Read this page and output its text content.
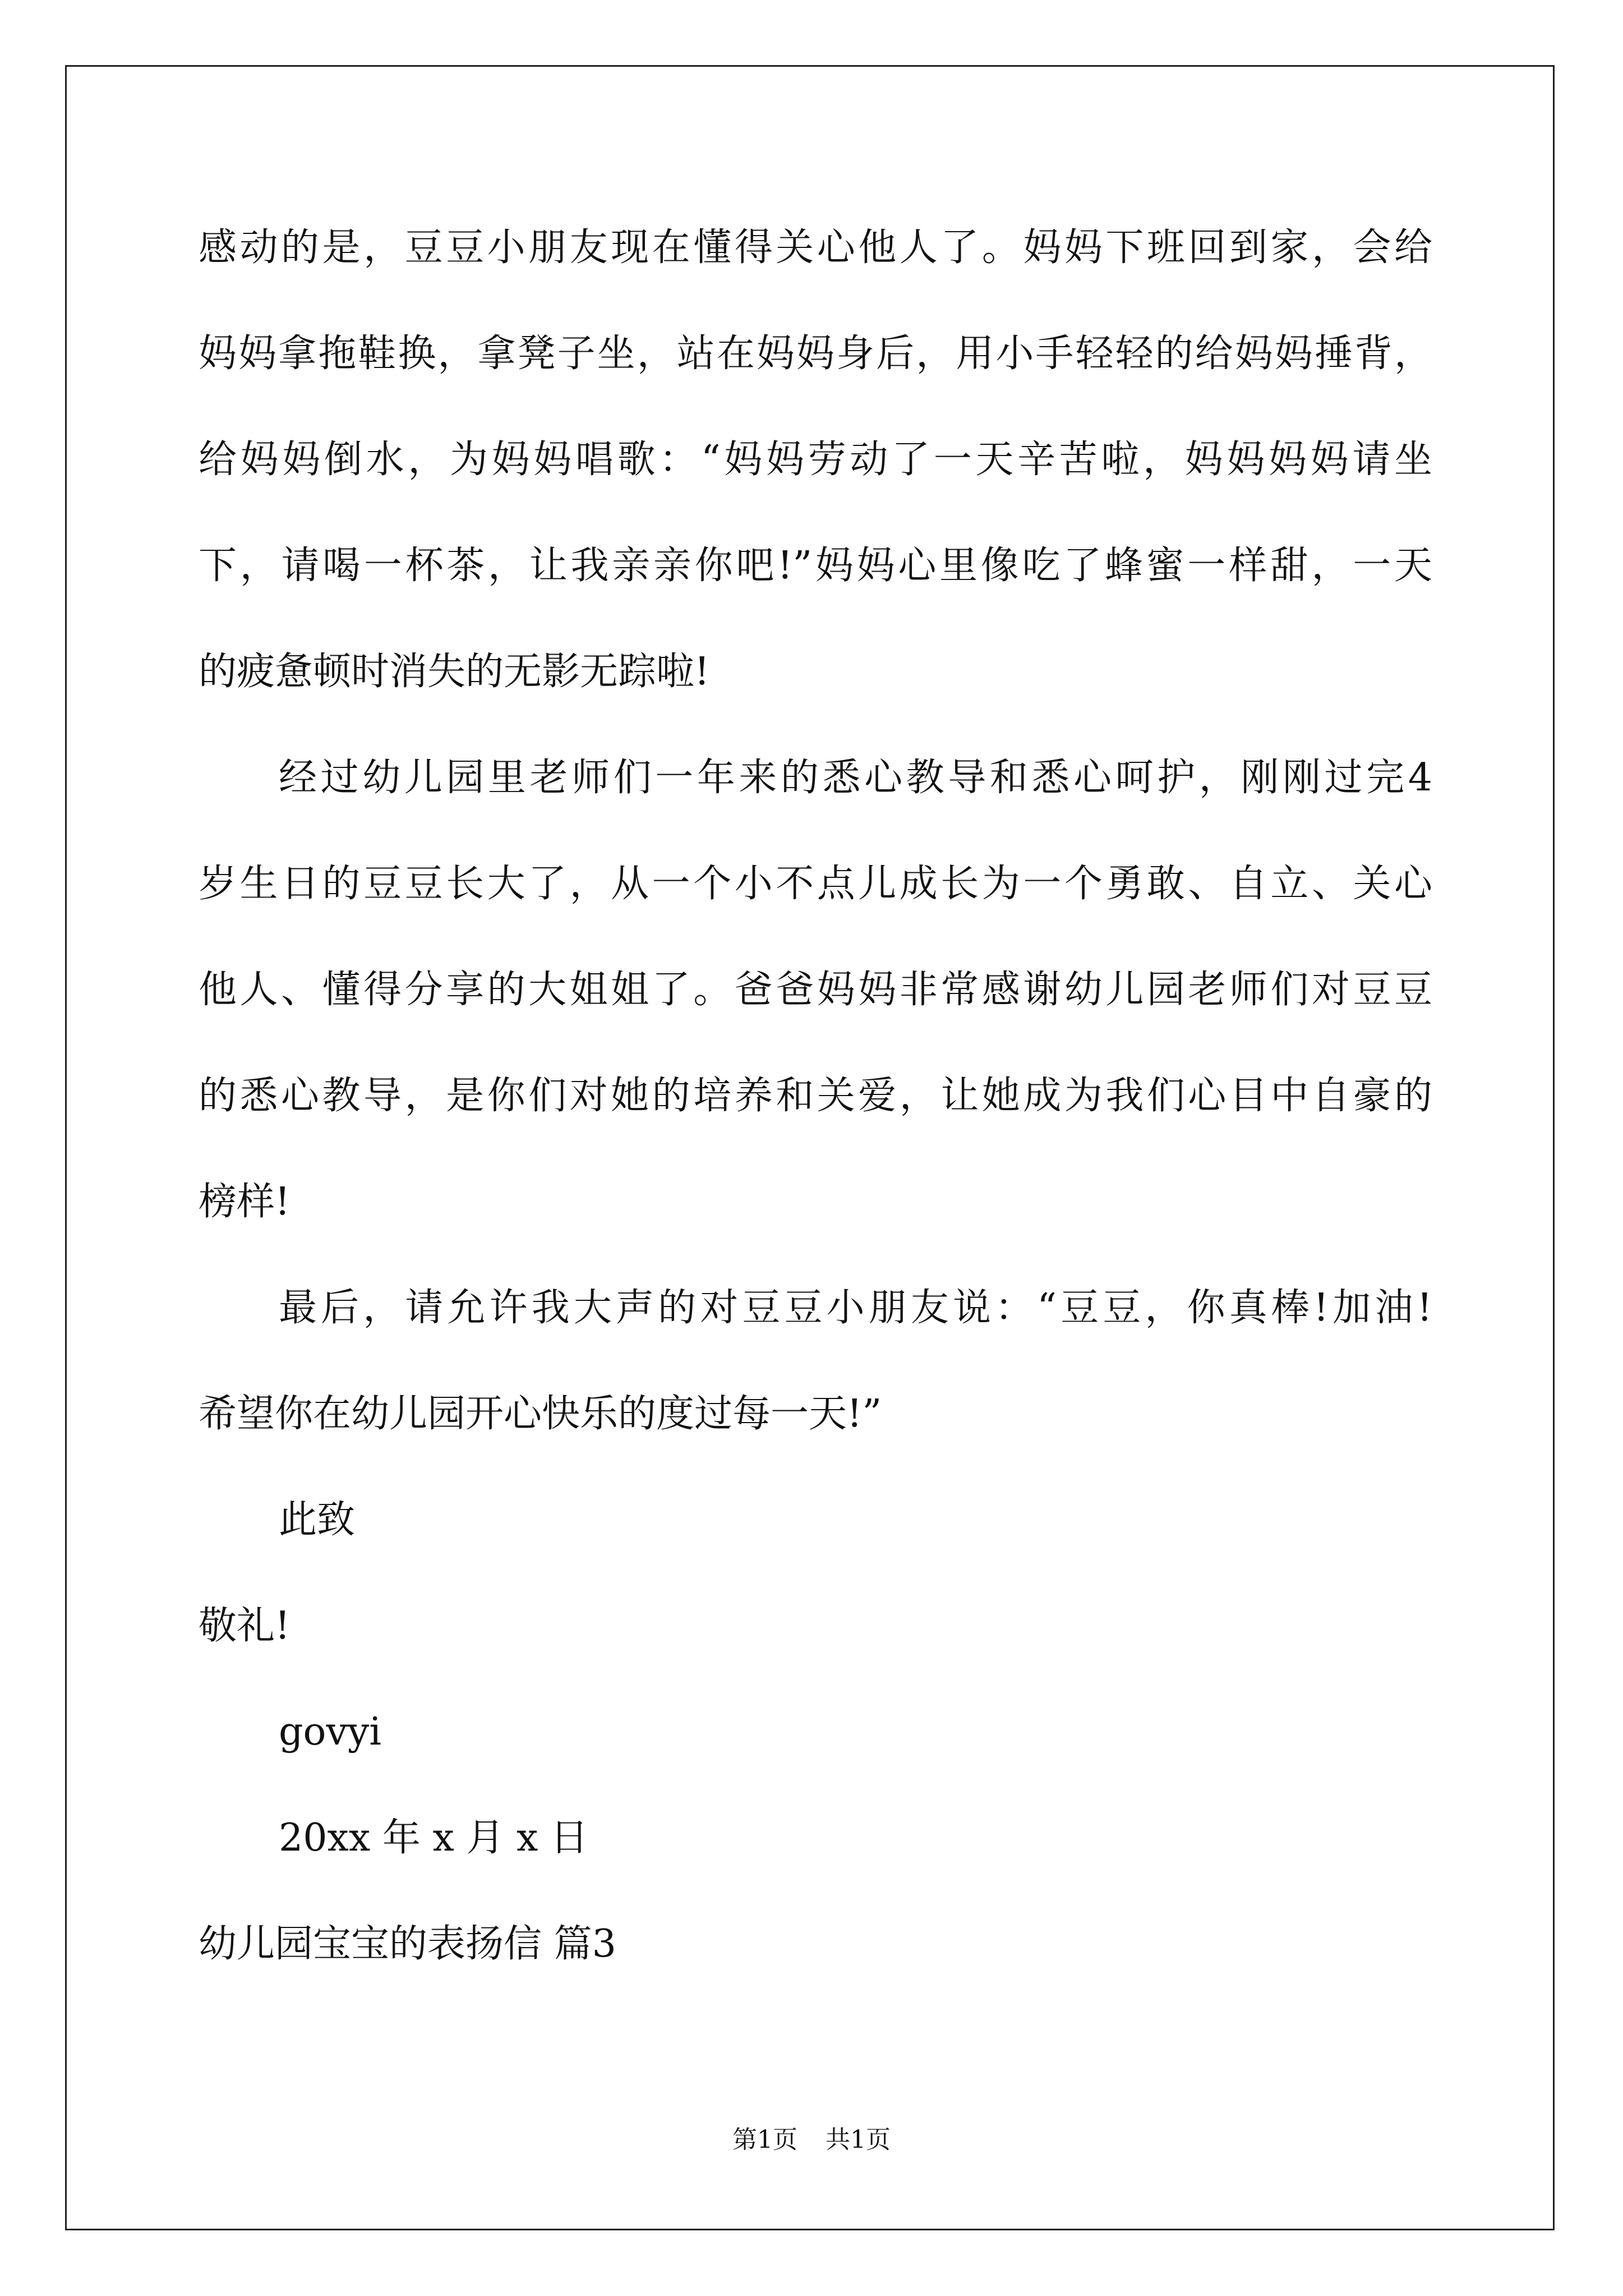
感动的是，豆豆小朋友现在懂得关心他人了。妈妈下班回到家，会给
妈妈拿拖鞋换，拿凳子坐，站在妈妈身后，用小手轻轻的给妈妈捶背，
给妈妈倒水，为妈妈唱歌：“妈妈劳动了一天辛苦啦，妈妈妈妈请坐
下，请喝一杯茶，让我亲亲你吧!”妈妈心里像吃了蜂蜜一样甜，一天
的疲惫顿时消失的无影无踪啦!
经过幼儿园里老师们一年来的悉心教导和悉心呵护，刚刚过完4
岁生日的豆豆长大了，从一个小不点儿成长为一个勇敢、自立、关心
他人、懂得分享的大姐姐了。爸爸妈妈非常感谢幼儿园老师们对豆豆
的悉心教导，是你们对她的培养和关爱，让她成为我们心目中自豪的
榜样!
最后，请允许我大声的对豆豆小朋友说：“豆豆，你真棒!加油!
希望你在幼儿园开心快乐的度过每一天!”
此致
敬礼!
govyi
20xx 年 x 月 x 日
幼儿园宝宝的表扬信 篇3
第1页 共1页
